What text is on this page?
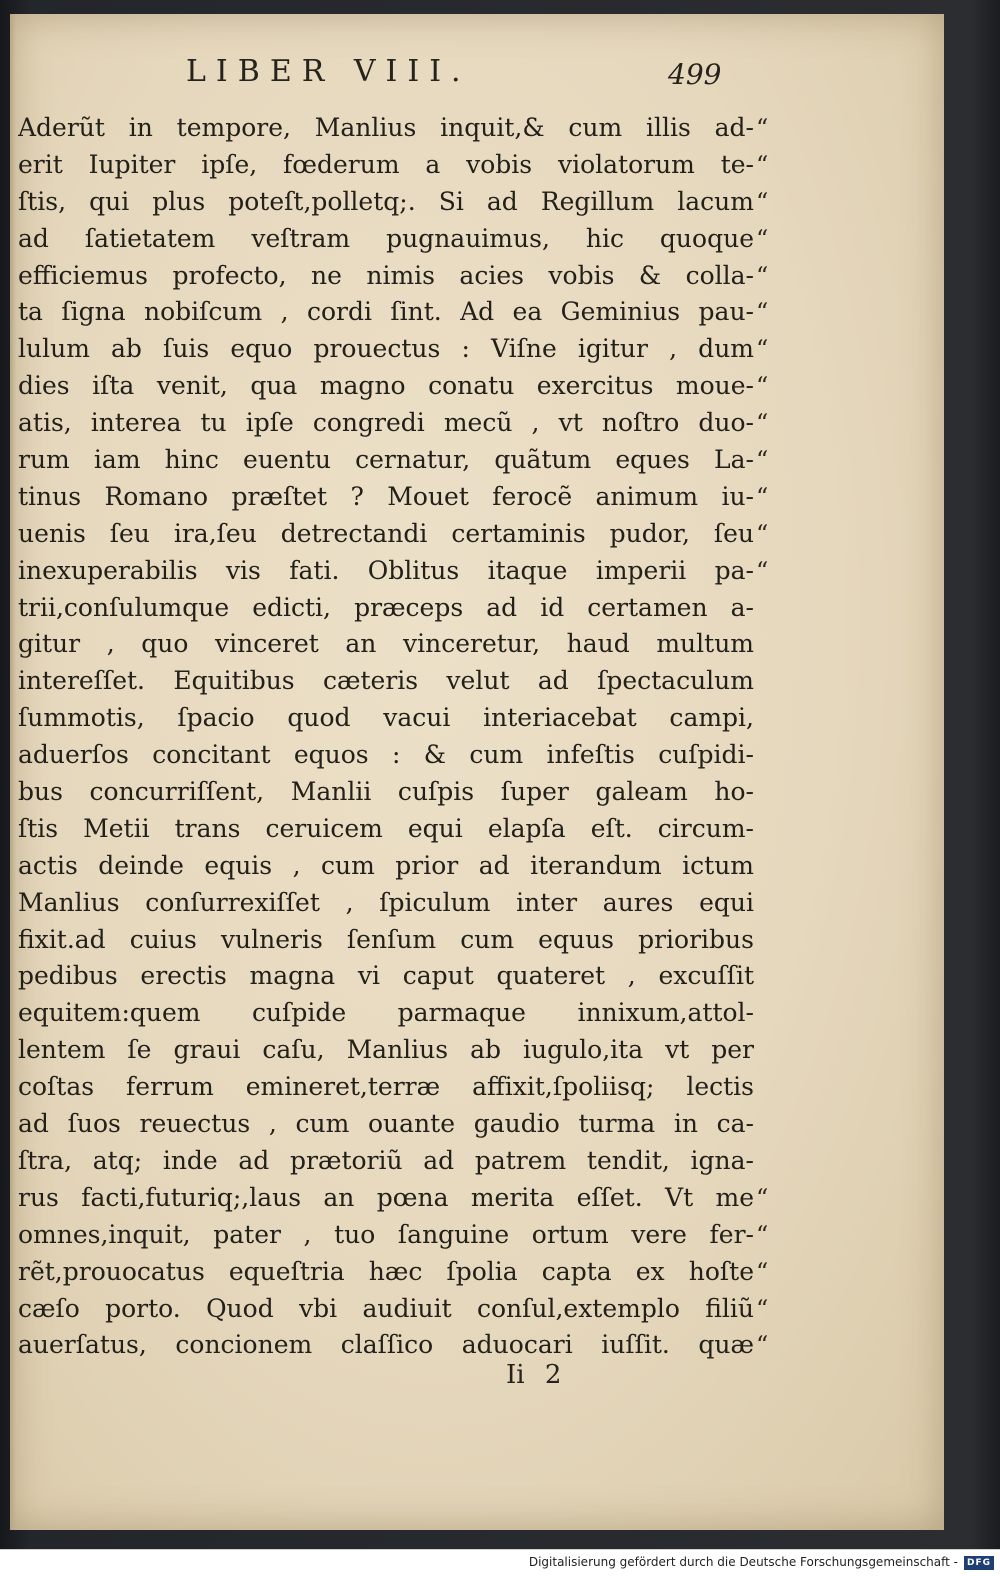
LIBER VIII.	499
Aderũt in tempore, Manlius inquit,& cum illis ad-
erit Iupiter ipſe, fœderum a vobis violatorum te-
ſtis, qui plus poteſt,polletq;. Si ad Regillum lacum
ad ſatietatem veſtram pugnauimus, hic quoque
efficiemus profecto, ne nimis acies vobis & colla-
ta ſigna nobiſcum , cordi ſint. Ad ea Geminius pau-
lulum ab ſuis equo prouectus : Viſne igitur , dum
dies iſta venit, qua magno conatu exercitus moue-
atis, interea tu ipſe congredi mecũ , vt noſtro duo-
rum iam hinc euentu cernatur, quãtum eques La-
tinus Romano præſtet ? Mouet ferocẽ animum iu-
uenis ſeu ira,ſeu detrectandi certaminis pudor, ſeu
inexuperabilis vis fati. Oblitus itaque imperii pa-
trii,conſulumque edicti, præceps ad id certamen a-
gitur , quo vinceret an vinceretur, haud multum
intereſſet. Equitibus cæteris velut ad ſpectaculum
ſummotis, ſpacio quod vacui interiacebat campi,
aduerſos concitant equos : & cum infeſtis cuſpidi-
bus concurriſſent, Manlii cuſpis ſuper galeam ho-
ſtis Metii trans ceruicem equi elapſa eſt. circum-
actis deinde equis , cum prior ad iterandum ictum
Manlius conſurrexiſſet , ſpiculum inter aures equi
fixit.ad cuius vulneris ſenſum cum equus prioribus
pedibus erectis magna vi caput quateret , excuſſit
equitem:quem cuſpide parmaque innixum,attol-
lentem ſe graui caſu, Manlius ab iugulo,ita vt per
coſtas ferrum emineret,terræ affixit,ſpoliisq; lectis
ad ſuos reuectus , cum ouante gaudio turma in ca-
ſtra, atq; inde ad prætoriũ ad patrem tendit, igna-
rus facti,futuriq;,laus an pœna merita eſſet. Vt me
omnes,inquit, pater , tuo ſanguine ortum vere fer-
rẽt,prouocatus equeſtria hæc ſpolia capta ex hoſte
cæſo porto. Quod vbi audiuit conſul,extemplo filiũ
auerſatus, concionem claſſico aduocari iuſſit. quæ
“
“
“
“
“
“
“
“
“
“
“
“
“
“
“
“
“
“
Ii 2
Digitalisierung gefördert durch die Deutsche Forschungsgemeinschaft - DFG
